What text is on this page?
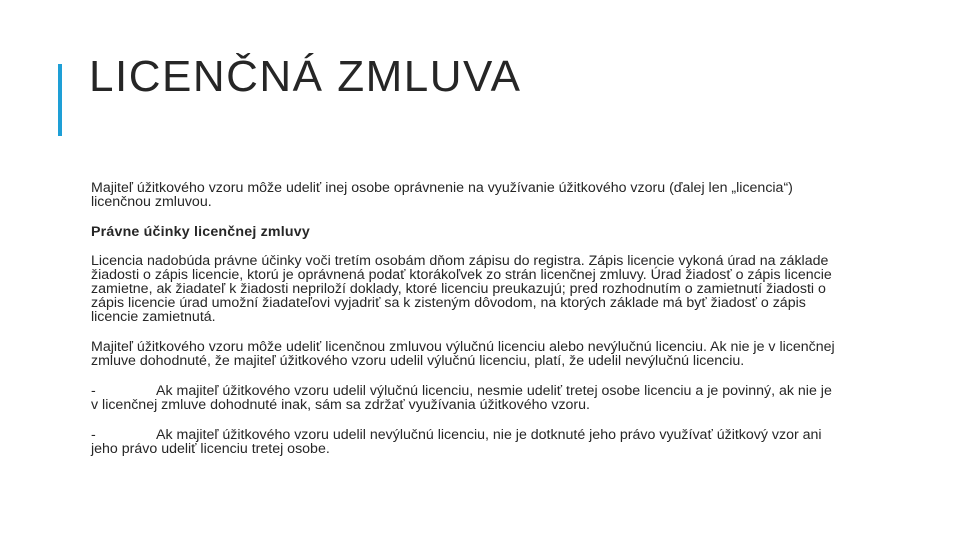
LICENČNÁ ZMLUVA

Majiteľ úžitkového vzoru môže udeliť inej osobe oprávnenie na využívanie úžitkového vzoru (ďalej len „licencia“) licenčnou zmluvou.

Právne účinky licenčnej zmluvy

Licencia nadobúda právne účinky voči tretím osobám dňom zápisu do registra. Zápis licencie vykoná úrad na základe žiadosti o zápis licencie, ktorú je oprávnená podať ktorákoľvek zo strán licenčnej zmluvy. Úrad žiadosť o zápis licencie zamietne, ak žiadateľ k žiadosti nepriloží doklady, ktoré licenciu preukazujú; pred rozhodnutím o zamietnutí žiadosti o zápis licencie úrad umožní žiadateľovi vyjadriť sa k zisteným dôvodom, na ktorých základe má byť žiadosť o zápis licencie zamietnutá.

Majiteľ úžitkového vzoru môže udeliť licenčnou zmluvou výlučnú licenciu alebo nevýlučnú licenciu. Ak nie je v licenčnej zmluve dohodnuté, že majiteľ úžitkového vzoru udelil výlučnú licenciu, platí, že udelil nevýlučnú licenciu.

-	Ak majiteľ úžitkového vzoru udelil výlučnú licenciu, nesmie udeliť tretej osobe licenciu a je povinný, ak nie je v licenčnej zmluve dohodnuté inak, sám sa zdržať využívania úžitkového vzoru.

-	Ak majiteľ úžitkového vzoru udelil nevýlučnú licenciu, nie je dotknuté jeho právo využívať úžitkový vzor ani jeho právo udeliť licenciu tretej osobe.
